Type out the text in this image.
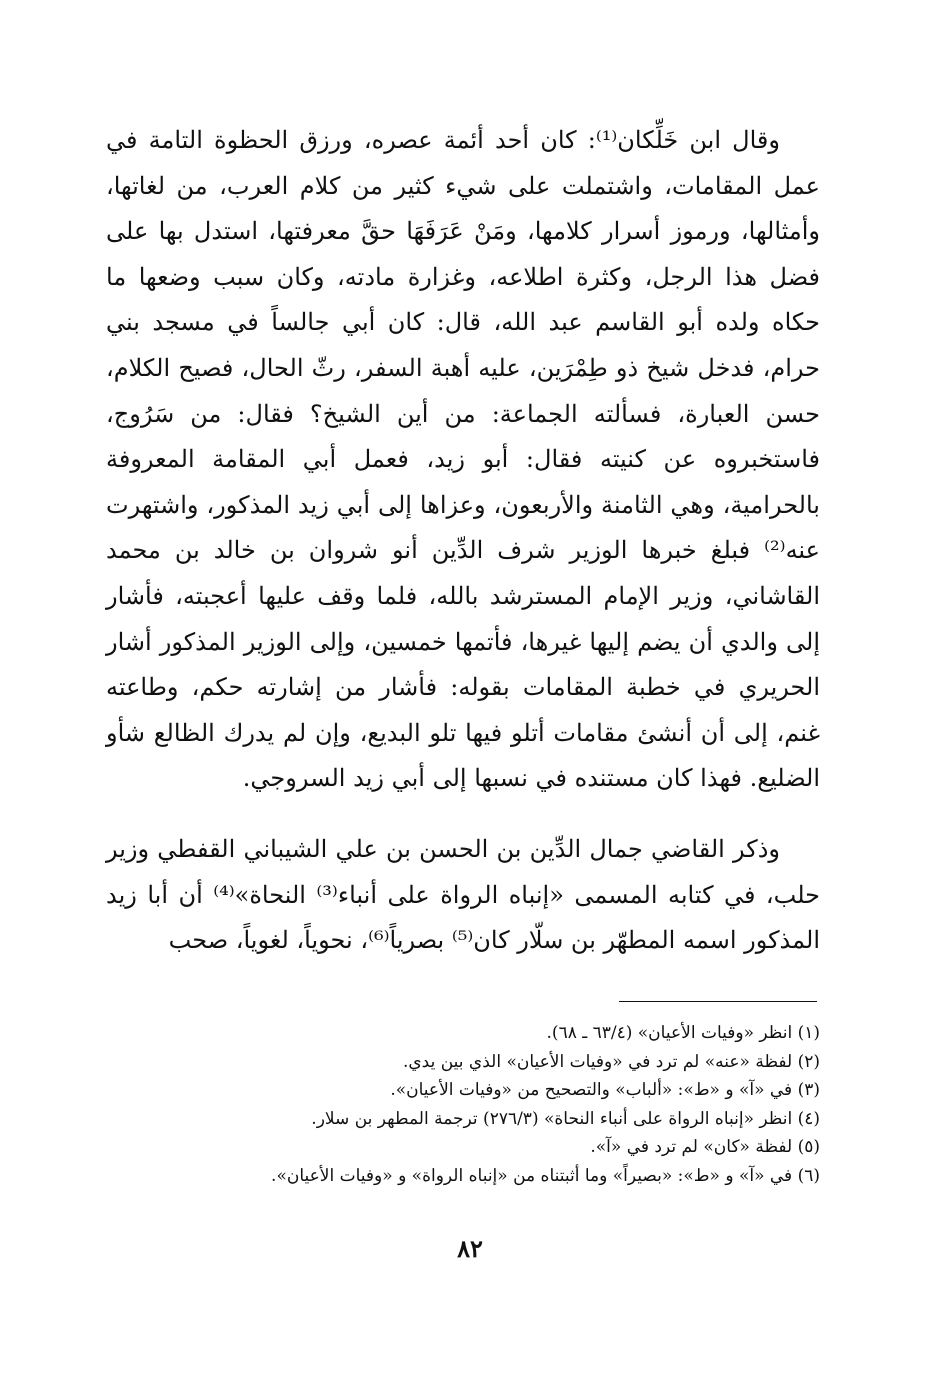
وقال ابن خَلِّكان⁽¹⁾: كان أحد أئمة عصره، ورزق الحظوة التامة في عمل المقامات، واشتملت على شيء كثير من كلام العرب، من لغاتها، وأمثالها، ورموز أسرار كلامها، ومَنْ عَرَفَهَا حقَّ معرفتها، استدل بها على فضل هذا الرجل، وكثرة اطلاعه، وغزارة مادته، وكان سبب وضعها ما حكاه ولده أبو القاسم عبد الله، قال: كان أبي جالساً في مسجد بني حرام، فدخل شيخ ذو طِمْرَين، عليه أهبة السفر، رثّ الحال، فصيح الكلام، حسن العبارة، فسألته الجماعة: من أين الشيخ؟ فقال: من سَرُوج، فاستخبروه عن كنيته فقال: أبو زيد، فعمل أبي المقامة المعروفة بالحرامية، وهي الثامنة والأربعون، وعزاها إلى أبي زيد المذكور، واشتهرت عنه⁽²⁾ فبلغ خبرها الوزير شرف الدِّين أنو شروان بن خالد بن محمد القاشاني، وزير الإمام المسترشد بالله، فلما وقف عليها أعجبته، فأشار إلى والدي أن يضم إليها غيرها، فأتمها خمسين، وإلى الوزير المذكور أشار الحريري في خطبة المقامات بقوله: فأشار من إشارته حكم، وطاعته غنم، إلى أن أنشئ مقامات أتلو فيها تلو البديع، وإن لم يدرك الظالع شأو الضليع. فهذا كان مستنده في نسبها إلى أبي زيد السروجي.

وذكر القاضي جمال الدِّين بن الحسن بن علي الشيباني القفطي وزير حلب، في كتابه المسمى «إنباه الرواة على أنباء⁽³⁾ النحاة»⁽⁴⁾ أن أبا زيد المذكور اسمه المطهّر بن سلّار كان⁽⁵⁾ بصرياً⁽⁶⁾، نحوياً، لغوياً، صحب

(١) انظر «وفيات الأعيان» (٦٣/٤ ـ ٦٨).
(٢) لفظة «عنه» لم ترد في «وفيات الأعيان» الذي بين يدي.
(٣) في «آ» و «ط»: «ألباب» والتصحيح من «وفيات الأعيان».
(٤) انظر «إنباه الرواة على أنباء النحاة» (٢٧٦/٣) ترجمة المطهر بن سلار.
(٥) لفظة «كان» لم ترد في «آ».
(٦) في «آ» و «ط»: «بصيراً» وما أثبتناه من «إنباه الرواة» و «وفيات الأعيان».
٨٢
